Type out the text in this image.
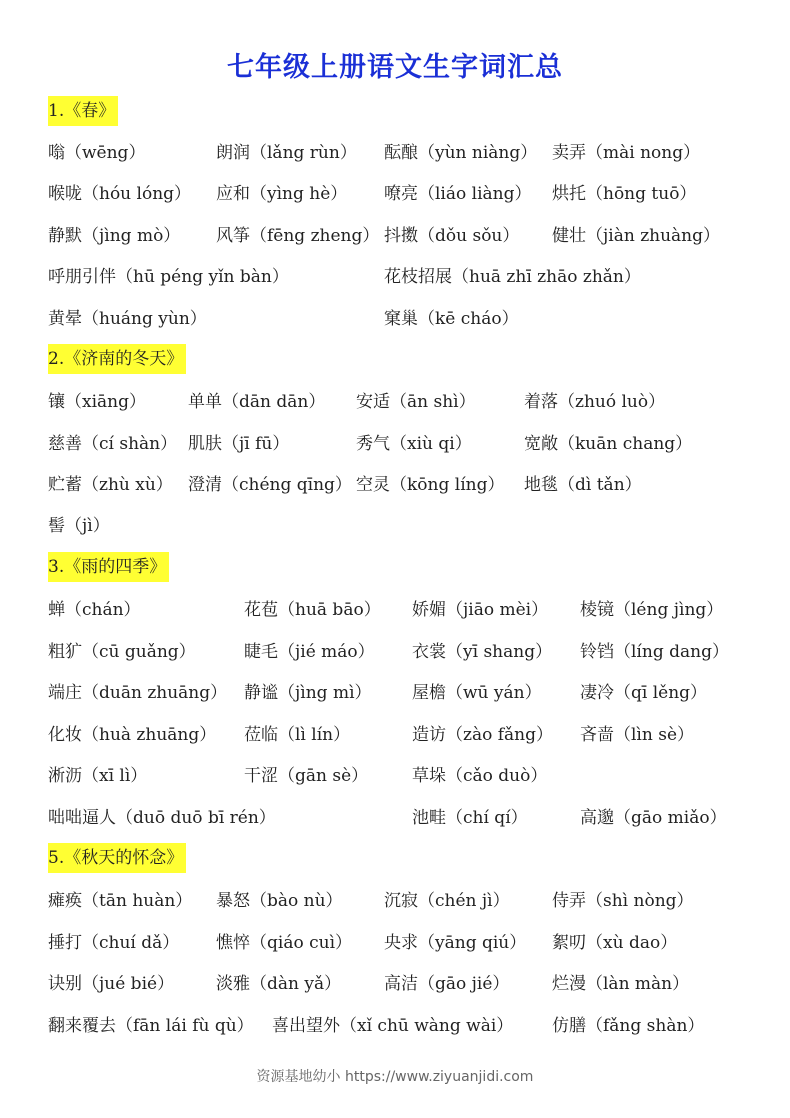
七年级上册语文生字词汇总
1.《春》
嗡（wēng）	朗润（lǎng rùn） 酝酿（yùn niàng） 卖弄（mài nong）
喉咙（hóu lóng） 应和（yìng hè） 嘹亮（liáo liàng） 烘托（hōng tuō）
静默（jìng mò） 风筝（fēng zheng） 抖擞（dǒu sǒu） 健壮（jiàn zhuàng）
呼朋引伴（hū péng yǐn bàn）	花枝招展（huā zhī zhāo zhǎn）
黄晕（huáng yùn）	窠巢（kē cháo）
2.《济南的冬天》
镶（xiāng） 单单（dān dān） 安适（ān shì）	着落（zhuó luò）
慈善（cí shàn） 肌肤（jī fū）	秀气（xiù qi）	宽敞（kuān chang）
贮蓄（zhù xù） 澄清（chéng qīng） 空灵（kōng líng） 地毯（dì tǎn）
髻（jì）
3.《雨的四季》
蝉（chán）	花苞（huā bāo） 娇媚（jiāo mèi） 棱镜（léng jìng）
粗犷（cū guǎng）	睫毛（jié máo） 衣裳（yī shang） 铃铛（líng dang）
端庄（duān zhuāng） 静谧（jìng mì） 屋檐（wū yán） 凄冷（qī lěng）
化妆（huà zhuāng） 莅临（lì lín）	造访（zào fǎng） 吝啬（lìn sè）
淅沥（xī lì）	干涩（gān sè）	草垛（cǎo duò）
咄咄逼人（duō duō bī rén）	池畦（chí qí）	高邈（gāo miǎo）
5.《秋天的怀念》
瘫痪（tān huàn） 暴怒（bào nù） 沉寂（chén jì） 侍弄（shì nòng）
捶打（chuí dǎ） 憔悴（qiáo cuì） 央求（yāng qiú） 絮叨（xù dao）
诀别（jué bié） 淡雅（dàn yǎ）	高洁（gāo jié）	烂漫（làn màn）
翻来覆去（fān lái fù qù） 喜出望外（xǐ chū wàng wài） 仿膳（fǎng shàn）
资源基地幼小 https://www.ziyuanjidi.com
